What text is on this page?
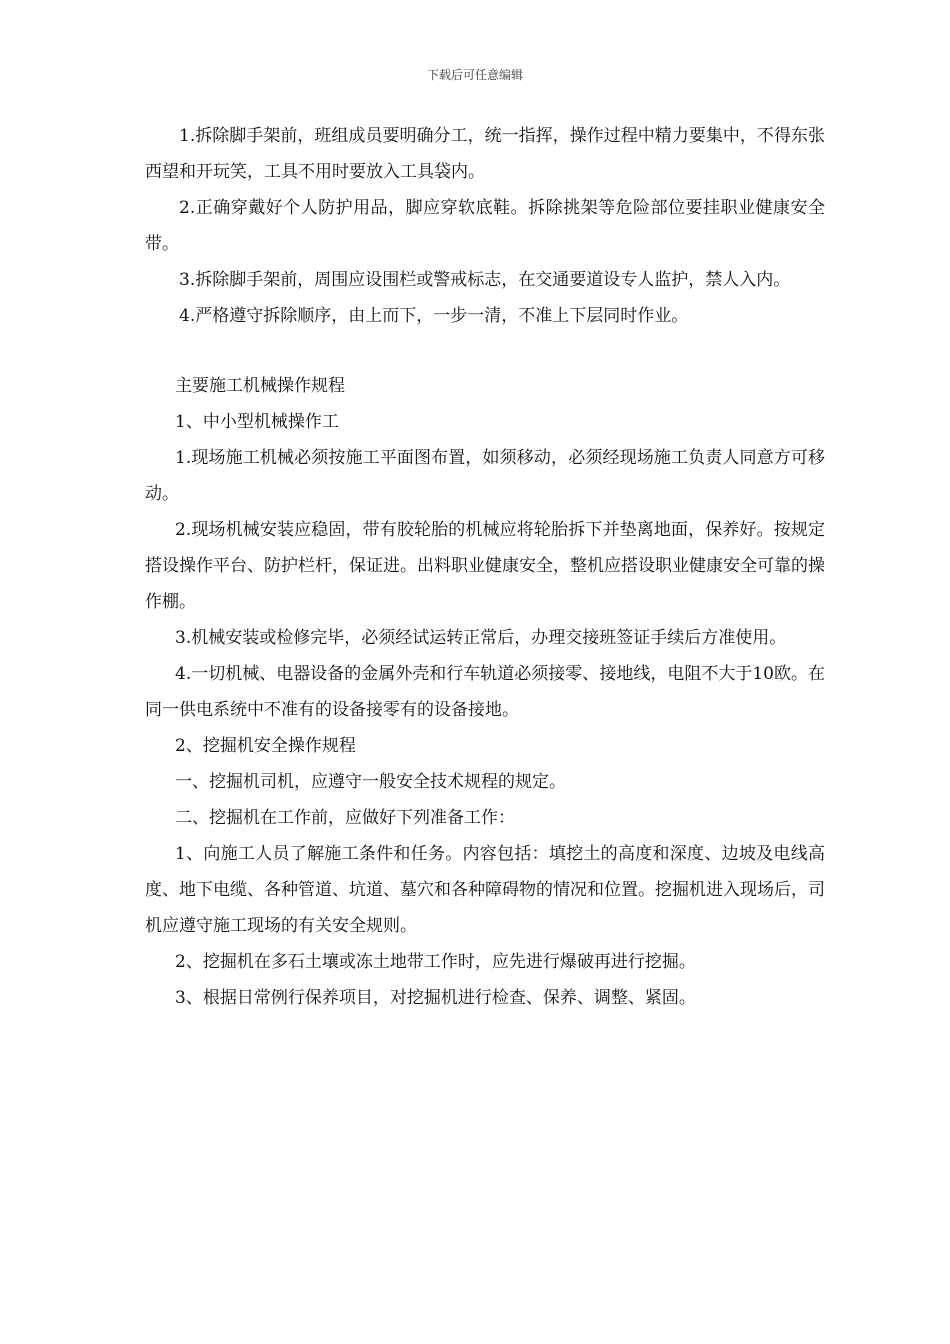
下载后可任意编辑

1.拆除脚手架前，班组成员要明确分工，统一指挥，操作过程中精力要集中，不得东张西望和开玩笑，工具不用时要放入工具袋内。

2.正确穿戴好个人防护用品，脚应穿软底鞋。拆除挑架等危险部位要挂职业健康安全带。

3.拆除脚手架前，周围应设围栏或警戒标志，在交通要道设专人监护，禁人入内。

4.严格遵守拆除顺序，由上而下，一步一清，不准上下层同时作业。

主要施工机械操作规程

1、中小型机械操作工

1.现场施工机械必须按施工平面图布置，如须移动，必须经现场施工负责人同意方可移动。

2.现场机械安装应稳固，带有胶轮胎的机械应将轮胎拆下并垫离地面，保养好。按规定搭设操作平台、防护栏杆，保证进。出料职业健康安全，整机应搭设职业健康安全可靠的操作棚。

3.机械安装或检修完毕，必须经试运转正常后，办理交接班签证手续后方准使用。

4.一切机械、电器设备的金属外壳和行车轨道必须接零、接地线，电阻不大于10欧。在同一供电系统中不准有的设备接零有的设备接地。

2、挖掘机安全操作规程

一、挖掘机司机，应遵守一般安全技术规程的规定。

二、挖掘机在工作前，应做好下列准备工作：

1、向施工人员了解施工条件和任务。内容包括：填挖土的高度和深度、边坡及电线高度、地下电缆、各种管道、坑道、墓穴和各种障碍物的情况和位置。挖掘机进入现场后，司机应遵守施工现场的有关安全规则。

2、挖掘机在多石土壤或冻土地带工作时，应先进行爆破再进行挖掘。

3、根据日常例行保养项目，对挖掘机进行检查、保养、调整、紧固。
